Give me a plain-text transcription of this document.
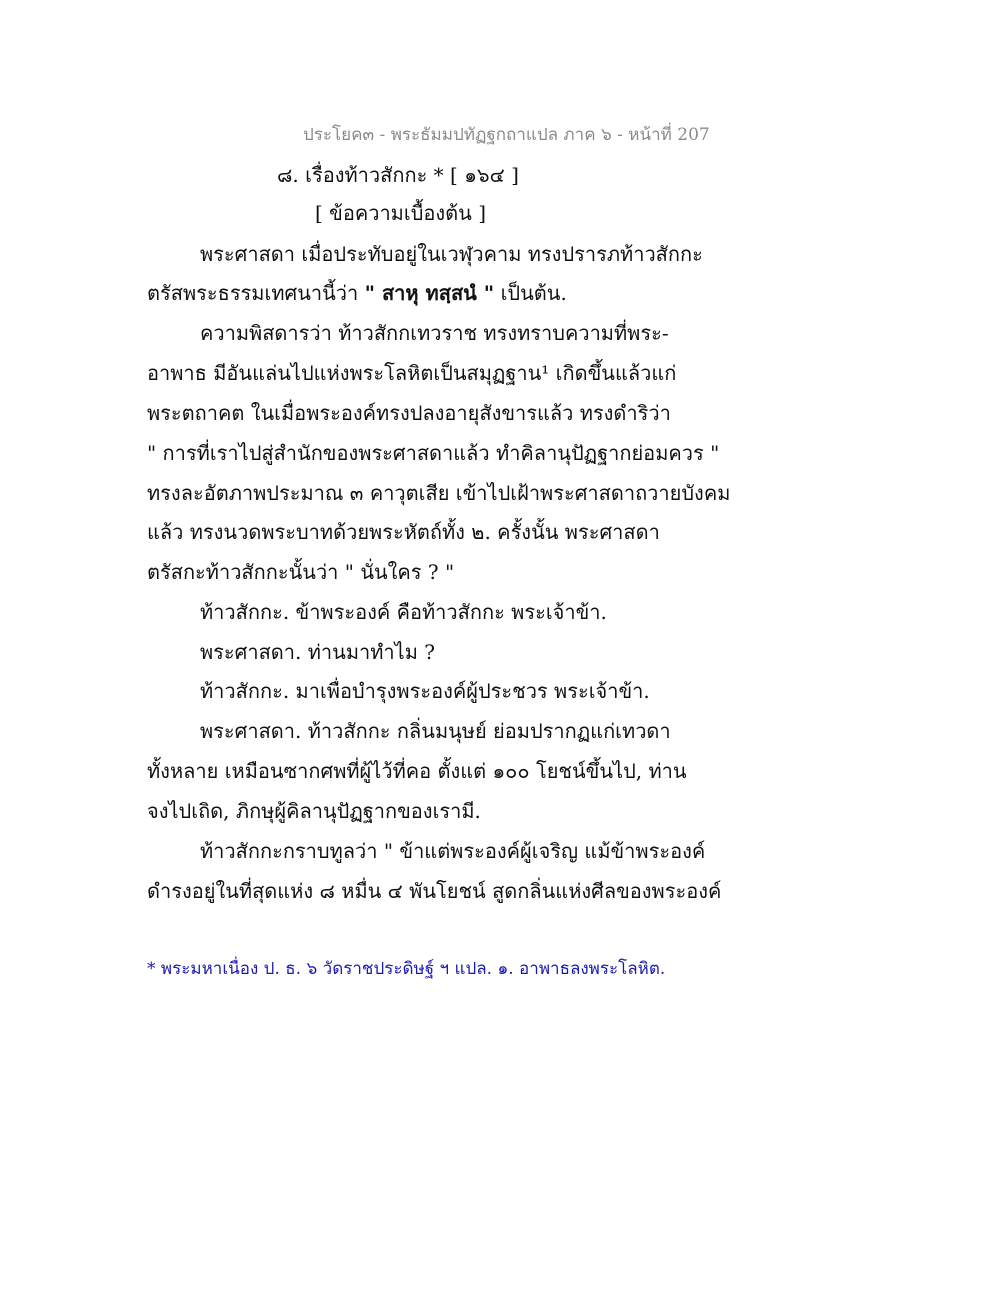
ประโยค๓ - พระธัมมปทัฏฐกถาแปล ภาค ๖ - หน้าที่ 207
๘. เรื่องท้าวสักกะ * [ ๑๖๔ ]
[ ข้อความเบื้องต้น ]
พระศาสดา เมื่อประทับอยู่ในเวฬุวคาม ทรงปรารภท้าวสักกะ
ตรัสพระธรรมเทศนานี้ว่า " สาหุ ทสฺสนํ " เป็นต้น.
ความพิสดารว่า ท้าวสักกเทวราช ทรงทราบความที่พระ-
อาพาธ มีอันแล่นไปแห่งพระโลหิตเป็นสมุฏฐาน¹ เกิดขึ้นแล้วแก่
พระตถาคต ในเมื่อพระองค์ทรงปลงอายุสังขารแล้ว ทรงดำริว่า
" การที่เราไปสู่สำนักของพระศาสดาแล้ว ทำคิลานุปัฏฐากย่อมควร "
ทรงละอัตภาพประมาณ ๓ คาวุตเสีย เข้าไปเฝ้าพระศาสดาถวายบังคม
แล้ว ทรงนวดพระบาทด้วยพระหัตถ์ทั้ง ๒. ครั้งนั้น พระศาสดา
ตรัสกะท้าวสักกะนั้นว่า " นั่นใคร ? "
ท้าวสักกะ. ข้าพระองค์ คือท้าวสักกะ พระเจ้าข้า.
พระศาสดา. ท่านมาทำไม ?
ท้าวสักกะ. มาเพื่อบำรุงพระองค์ผู้ประชวร พระเจ้าข้า.
พระศาสดา. ท้าวสักกะ กลิ่นมนุษย์ ย่อมปรากฏแก่เทวดา
ทั้งหลาย เหมือนซากศพที่ผู้ไว้ที่คอ ตั้งแต่ ๑๐๐ โยชน์ขึ้นไป, ท่าน
จงไปเถิด, ภิกษุผู้คิลานุปัฏฐากของเรามี.
ท้าวสักกะกราบทูลว่า " ข้าแต่พระองค์ผู้เจริญ แม้ข้าพระองค์
ดำรงอยู่ในที่สุดแห่ง ๘ หมื่น ๔ พันโยชน์ สูดกลิ่นแห่งศีลของพระองค์
* พระมหาเนื่อง ป. ธ. ๖ วัดราชประดิษฐ์ ฯ แปล. ๑. อาพาธลงพระโลหิต.
